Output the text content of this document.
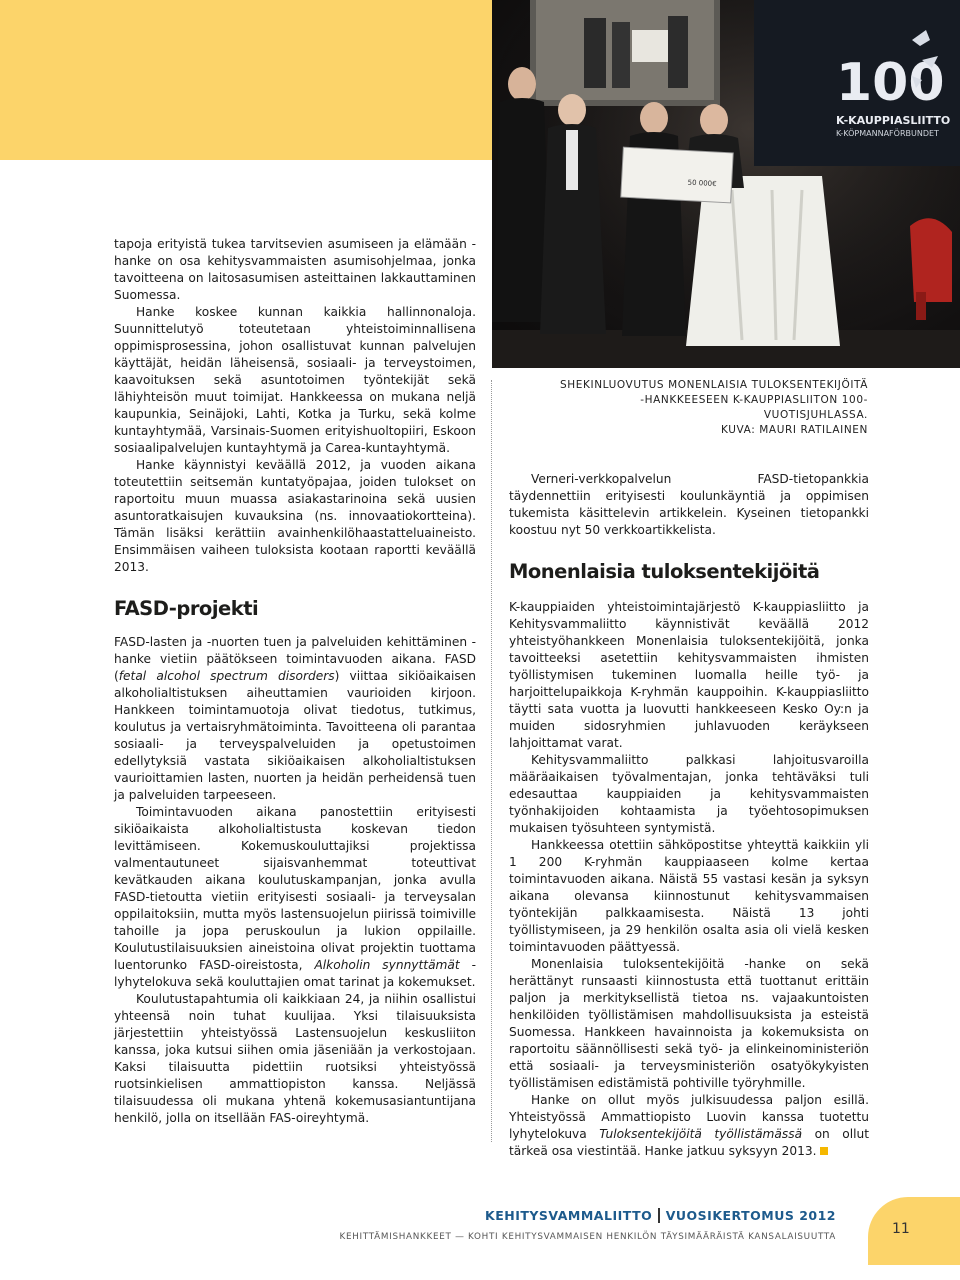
100
K-KAUPPIASLIITTO
K-KÖPMANNAFÖRBUNDET
50 000€
SHEKINLUOVUTUS MONENLAISIA TULOKSENTEKIJÖITÄ
-HANKKEESEEN K-KAUPPIASLIITON 100-VUOTISJUHLASSA.
KUVA: MAURI RATILAINEN

tapoja erityistä tukea tarvitsevien asumiseen ja elämään -hanke on osa kehitysvammaisten asumisohjelmaa, jonka tavoitteena on laitosasumisen asteittainen lakkauttaminen Suomessa.

Hanke koskee kunnan kaikkia hallinnonaloja. Suunnittelutyö toteutetaan yhteistoiminnallisena oppimisprosessina, johon osallistuvat kunnan palvelujen käyttäjät, heidän läheisensä, sosiaali- ja terveystoimen, kaavoituksen sekä asuntotoimen työntekijät sekä lähiyhteisön muut toimijat. Hankkeessa on mukana neljä kaupunkia, Seinäjoki, Lahti, Kotka ja Turku, sekä kolme kuntayhtymää, Varsinais-Suomen erityishuoltopiiri, Eskoon sosiaalipalvelujen kuntayhtymä ja Carea-kuntayhtymä.

Hanke käynnistyi keväällä 2012, ja vuoden aikana toteutettiin seitsemän kuntatyöpajaa, joiden tulokset on raportoitu muun muassa asiakastarinoina sekä uusien asuntoratkaisujen kuvauksina (ns. innovaatiokortteina). Tämän lisäksi kerättiin avainhenkilöhaastatteluaineisto. Ensimmäisen vaiheen tuloksista kootaan raportti keväällä 2013.

FASD-projekti

FASD-lasten ja -nuorten tuen ja palveluiden kehittäminen -hanke vietiin päätökseen toimintavuoden aikana. FASD (fetal alcohol spectrum disorders) viittaa sikiöaikaisen alkoholialtistuksen aiheuttamien vaurioiden kirjoon. Hankkeen toimintamuotoja olivat tiedotus, tutkimus, koulutus ja vertaisryhmätoiminta. Tavoitteena oli parantaa sosiaali- ja terveyspalveluiden ja opetustoimen edellytyksiä vastata sikiöaikaisen alkoholialtistuksen vaurioittamien lasten, nuorten ja heidän perheidensä tuen ja palveluiden tarpeeseen.

Toimintavuoden aikana panostettiin erityisesti sikiöaikaista alkoholialtistusta koskevan tiedon levittämiseen. Kokemuskouluttajiksi projektissa valmentautuneet sijaisvanhemmat toteuttivat kevätkauden aikana koulutuskampanjan, jonka avulla FASD-tietoutta vietiin erityisesti sosiaali- ja terveysalan oppilaitoksiin, mutta myös lastensuojelun piirissä toimiville tahoille ja jopa peruskoulun ja lukion oppilaille. Koulutustilaisuuksien aineistoina olivat projektin tuottama luentorunko FASD-oireistosta, Alkoholin synnyttämät -lyhytelokuva sekä kouluttajien omat tarinat ja kokemukset.

Koulutustapahtumia oli kaikkiaan 24, ja niihin osallistui yhteensä noin tuhat kuulijaa. Yksi tilaisuuksista järjestettiin yhteistyössä Lastensuojelun keskusliiton kanssa, joka kutsui siihen omia jäseniään ja verkostojaan. Kaksi tilaisuutta pidettiin ruotsiksi yhteistyössä ruotsinkielisen ammattiopiston kanssa. Neljässä tilaisuudessa oli mukana yhtenä kokemusasiantuntijana henkilö, jolla on itsellään FAS-oireyhtymä.

Verneri-verkkopalvelun FASD-tietopankkia täydennettiin erityisesti koulunkäyntiä ja oppimisen tukemista käsittelevin artikkelein. Kyseinen tietopankki koostuu nyt 50 verkkoartikkelista.

Monenlaisia tuloksentekijöitä

K-kauppiaiden yhteistoimintajärjestö K-kauppiasliitto ja Kehitysvammaliitto käynnistivät keväällä 2012 yhteistyöhankkeen Monenlaisia tuloksentekijöitä, jonka tavoitteeksi asetettiin kehitysvammaisten ihmisten työllistymisen tukeminen luomalla heille työ- ja harjoittelupaikkoja K-ryhmän kauppoihin. K-kauppiasliitto täytti sata vuotta ja luovutti hankkeeseen Kesko Oy:n ja muiden sidosryhmien juhlavuoden keräykseen lahjoittamat varat.

Kehitysvammaliitto palkkasi lahjoitusvaroilla määräaikaisen työvalmentajan, jonka tehtäväksi tuli edesauttaa kauppiaiden ja kehitysvammaisten työnhakijoiden kohtaamista ja työehtosopimuksen mukaisen työsuhteen syntymistä.

Hankkeessa otettiin sähköpostitse yhteyttä kaikkiin yli 1 200 K-ryhmän kauppiaaseen kolme kertaa toimintavuoden aikana. Näistä 55 vastasi kesän ja syksyn aikana olevansa kiinnostunut kehitysvammaisen työntekijän palkkaamisesta. Näistä 13 johti työllistymiseen, ja 29 henkilön osalta asia oli vielä kesken toimintavuoden päättyessä.

Monenlaisia tuloksentekijöitä -hanke on sekä herättänyt runsaasti kiinnostusta että tuottanut erittäin paljon ja merkityksellistä tietoa ns. vajaakuntoisten henkilöiden työllistämisen mahdollisuuksista ja esteistä Suomessa. Hankkeen havainnoista ja kokemuksista on raportoitu säännöllisesti sekä työ- ja elinkeinoministeriön että sosiaali- ja terveysministeriön osatyökykyisten työllistämisen edistämistä pohtiville työryhmille.

Hanke on ollut myös julkisuudessa paljon esillä. Yhteistyössä Ammattiopisto Luovin kanssa tuotettu lyhytelokuva Tuloksentekijöitä työllistämässä on ollut tärkeä osa viestintää. Hanke jatkuu syksyyn 2013.

KEHITYSVAMMALIITTO VUOSIKERTOMUS 2012
KEHITTÄMISHANKKEET — KOHTI KEHITYSVAMMAISEN HENKILÖN TÄYSIMÄÄRÄISTÄ KANSALAISUUTTA	11
